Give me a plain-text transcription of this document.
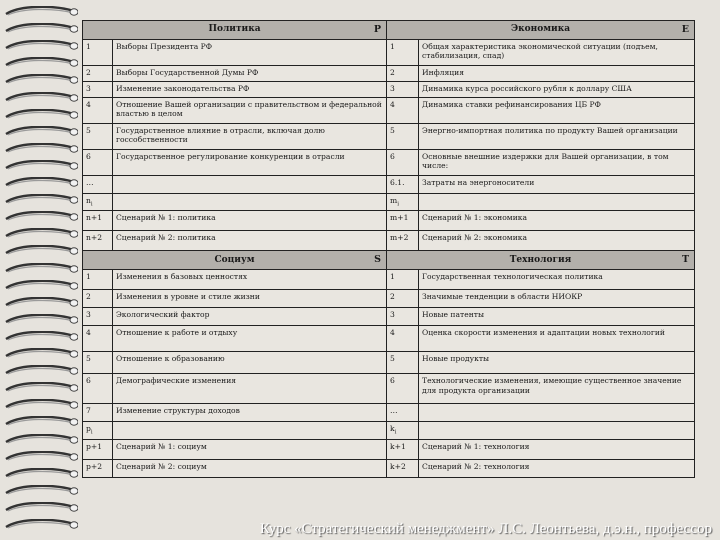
Политика P		Экономика E	

1	Выборы Президента РФ	1	Общая характеристика экономической ситуации (подъем, стабилизация, спад)
2	Выборы Государственной Думы РФ	2	Инфляция
3	Изменение законодательства РФ	3	Динамика курса российского рубля к доллару США
4	Отношение Вашей организации с правительством и федеральной властью в целом	4	Динамика ставки рефинансирования ЦБ РФ
5	Государственное влияние в отрасли, включая долю госсобственности	5	Энергно-импортная политика по продукту Вашей организации
6	Государственное регулирование конкуренции в отрасли	6	Основные внешние издержки для Вашей организации, в том числе:
…		6.1.	Затраты на энергоносители
$n_i$		$m_i$	
n+1	Сценарий № 1: политика	m+1	Сценарий № 1: экономика
n+2	Сценарий № 2: политика	m+2	Сценарий № 2: экономика
Социум S		Технология T	

1	Изменения в базовых ценностях	1	Государственная технологическая политика
2	Изменения в уровне и стиле жизни	2	Значимые тенденции в области НИОКР
3	Экологический фактор	3	Новые патенты
4	Отношение к работе и отдыху	4	Оценка скорости изменения и адаптации новых технологий
5	Отношение к образованию	5	Новые продукты
6	Демографические изменения	6	Технологические изменения, имеющие существенное значение для продукта организации
7	Изменение структуры доходов	…	
$p_i$		$k_i$	
p+1	Сценарий № 1: социум	k+1	Сценарий № 1: технология
p+2	Сценарий № 2: социум	k+2	Сценарий № 2: технология
Курс «Стратегический менеджмент» Л.С. Леонтьева, д.э.н., профессор
